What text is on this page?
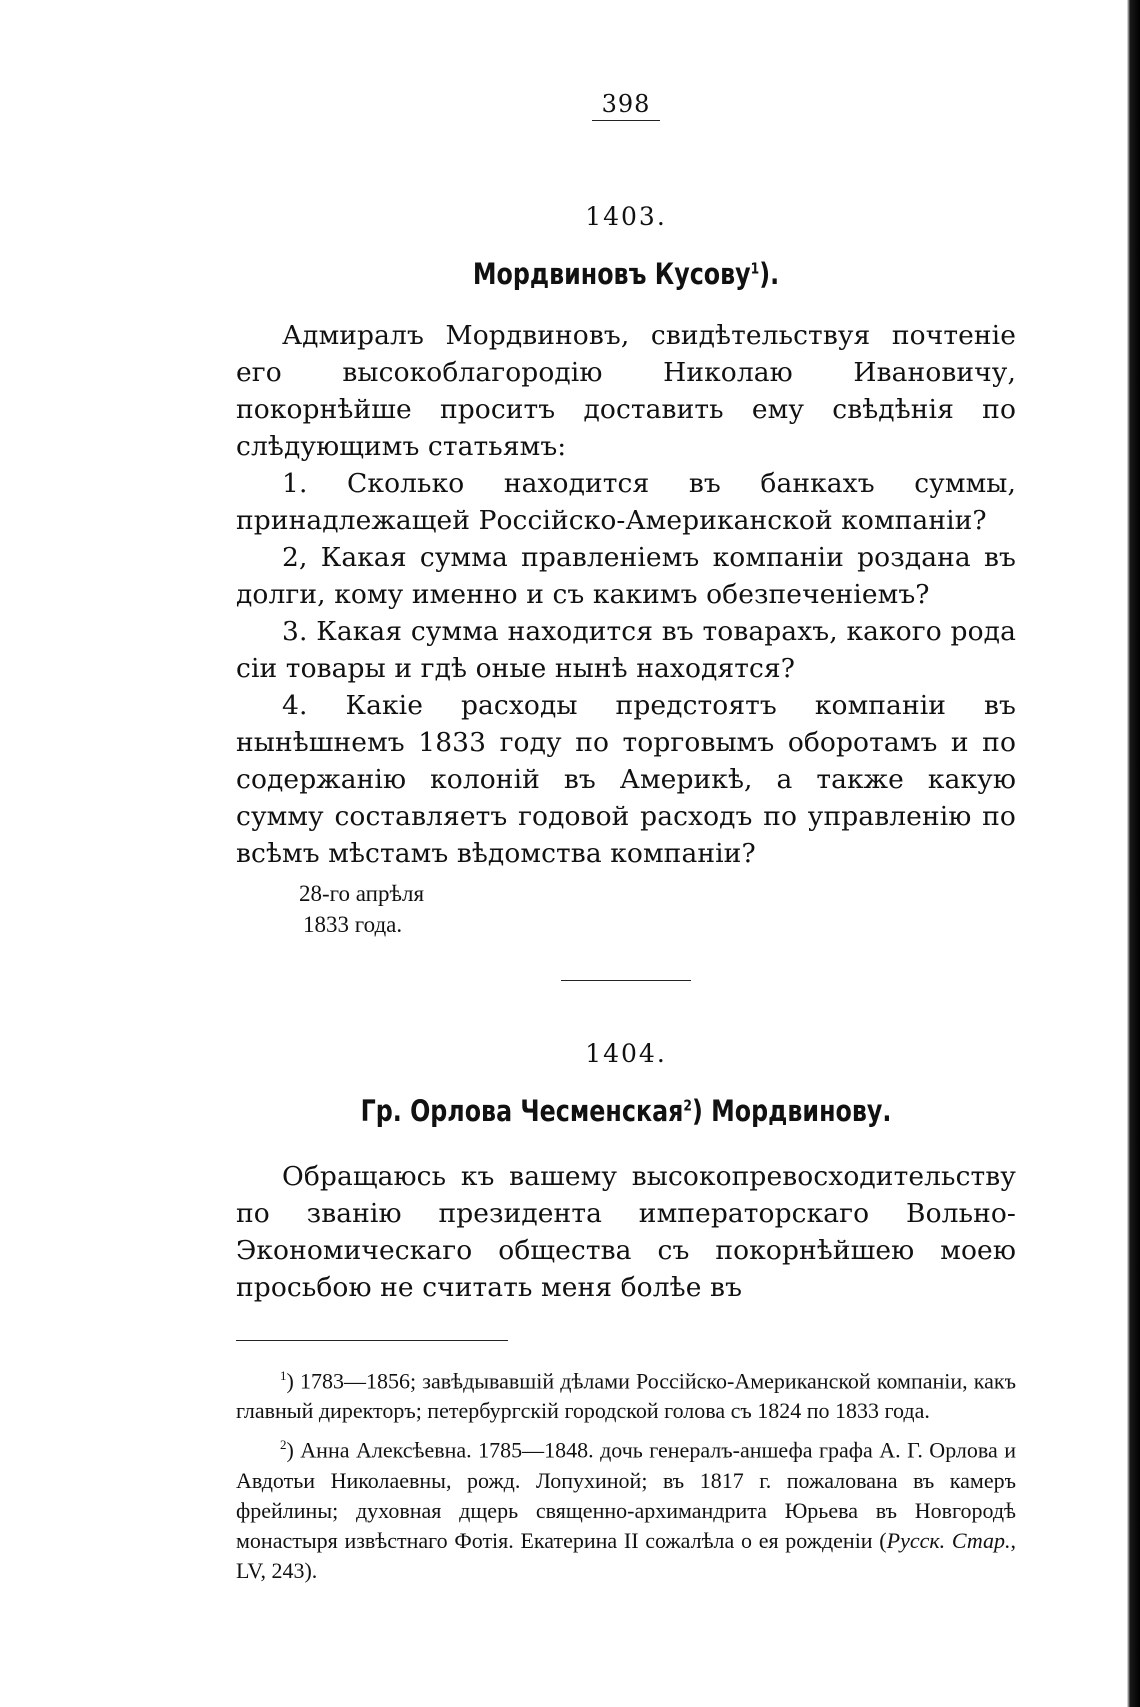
398
1403.
Мордвиновъ Кусову$^1$).

Адмиралъ Мордвиновъ, свидѣтельствуя почтеніе его высокоблагородію Николаю Ивановичу, покорнѣйше проситъ доставить ему свѣдѣнія по слѣдующимъ статьямъ:

1. Сколько находится въ банкахъ суммы, принадлежащей Россійско-Американской компаніи?

2, Какая сумма правленіемъ компаніи роздана въ долги, кому именно и съ какимъ обезпеченіемъ?

3. Какая сумма находится въ товарахъ, какого рода сіи товары и гдѣ оные нынѣ находятся?

4. Какіе расходы предстоятъ компаніи въ нынѣшнемъ 1833 году по торговымъ оборотамъ и по содержанію колоній въ Америкѣ, а также какую сумму составляетъ годовой расходъ по управленію по всѣмъ мѣстамъ вѣдомства компаніи?

28-го апрѣля
1833 года.
1404.
Гр. Орлова Чесменская$^2$) Мордвинову.

Обращаюсь къ вашему высокопревосходительству по званію президента императорскаго Вольно-Экономическаго общества съ покорнѣйшею моею просьбою не считать меня болѣе въ

$^1$) 1783—1856; завѣдывавшій дѣлами Россійско-Американской компаніи, какъ главный директоръ; петербургскій городской голова съ 1824 по 1833 года.

$^2$) Анна Алексѣевна. 1785—1848. дочь генералъ-аншефа графа А. Г. Орлова и Авдотьи Николаевны, рожд. Лопухиной; въ 1817 г. пожалована въ камеръ фрейлины; духовная дщерь священно-архимандрита Юрьева въ Новгородѣ монастыря извѣстнаго Фотія. Екатерина II сожалѣла о ея рожденіи (Русск. Стар., LV, 243).
